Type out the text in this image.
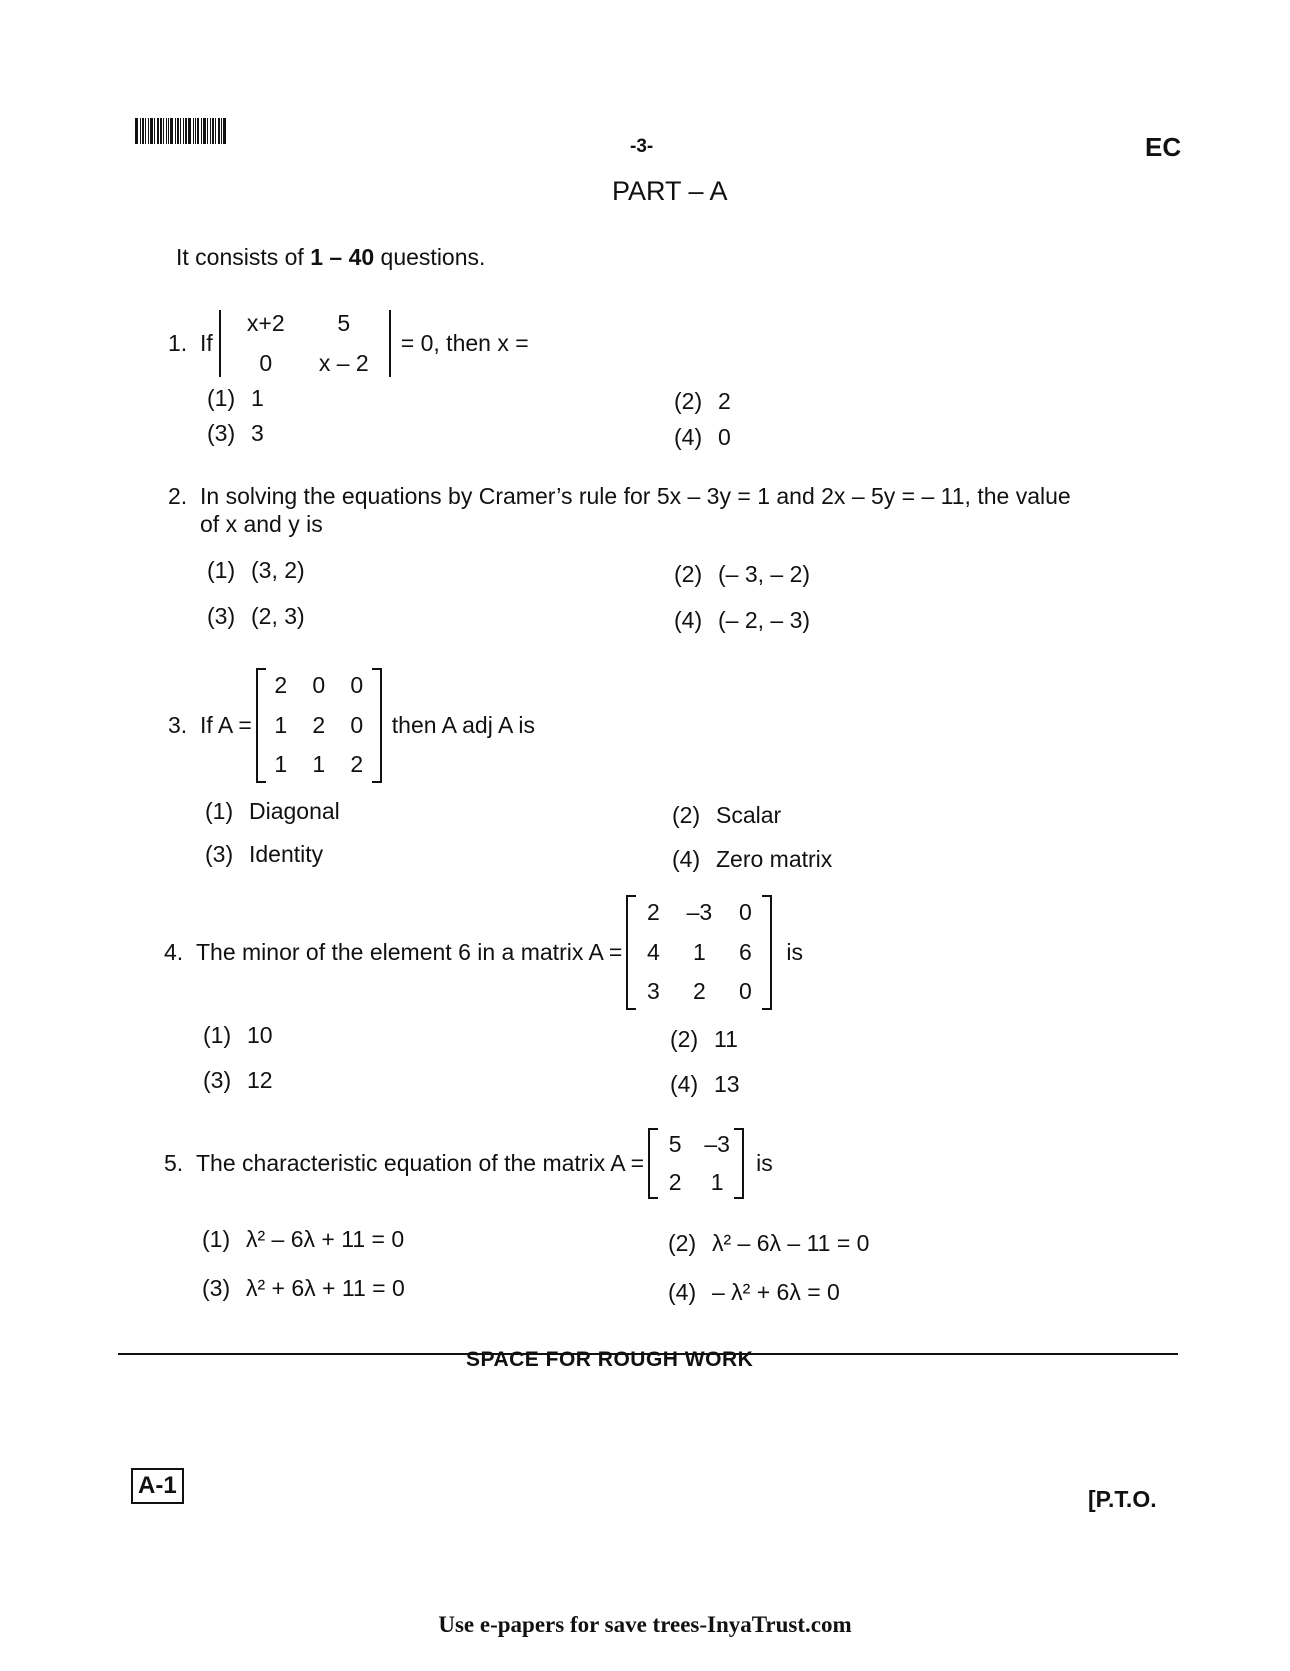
-3-	EC
PART – A
It consists of 1 – 40 questions.
1. If
x+2	5
0	x – 2
= 0, then x =
(1) 1	(2) 2
(3) 3	(4) 0
2. In solving the equations by Cramer’s rule for 5x – 3y = 1 and 2x – 5y = – 11, the value
of x and y is
(1) (3, 2)	(2) (– 3, – 2)
(3) (2, 3)	(4) (– 2, – 3)
3. If A =
2	0	0
1	2	0
1	1	2
then A adj A is
(1) Diagonal	(2) Scalar
(3) Identity	(4) Zero matrix
4. The minor of the element 6 in a matrix A =
2	–3	0
4	1	6
3	2	0
is
(1) 10	(2) 11
(3) 12	(4) 13
5. The characteristic equation of the matrix A =
5 –3
2	1
is
(1) λ² – 6λ + 11 = 0	(2) λ² – 6λ – 11 = 0
(3) λ² + 6λ + 11 = 0	(4) – λ² + 6λ = 0
SPACE FOR ROUGH WORK
A-1	[P.T.O.
Use e-papers for save trees-InyaTrust.com
